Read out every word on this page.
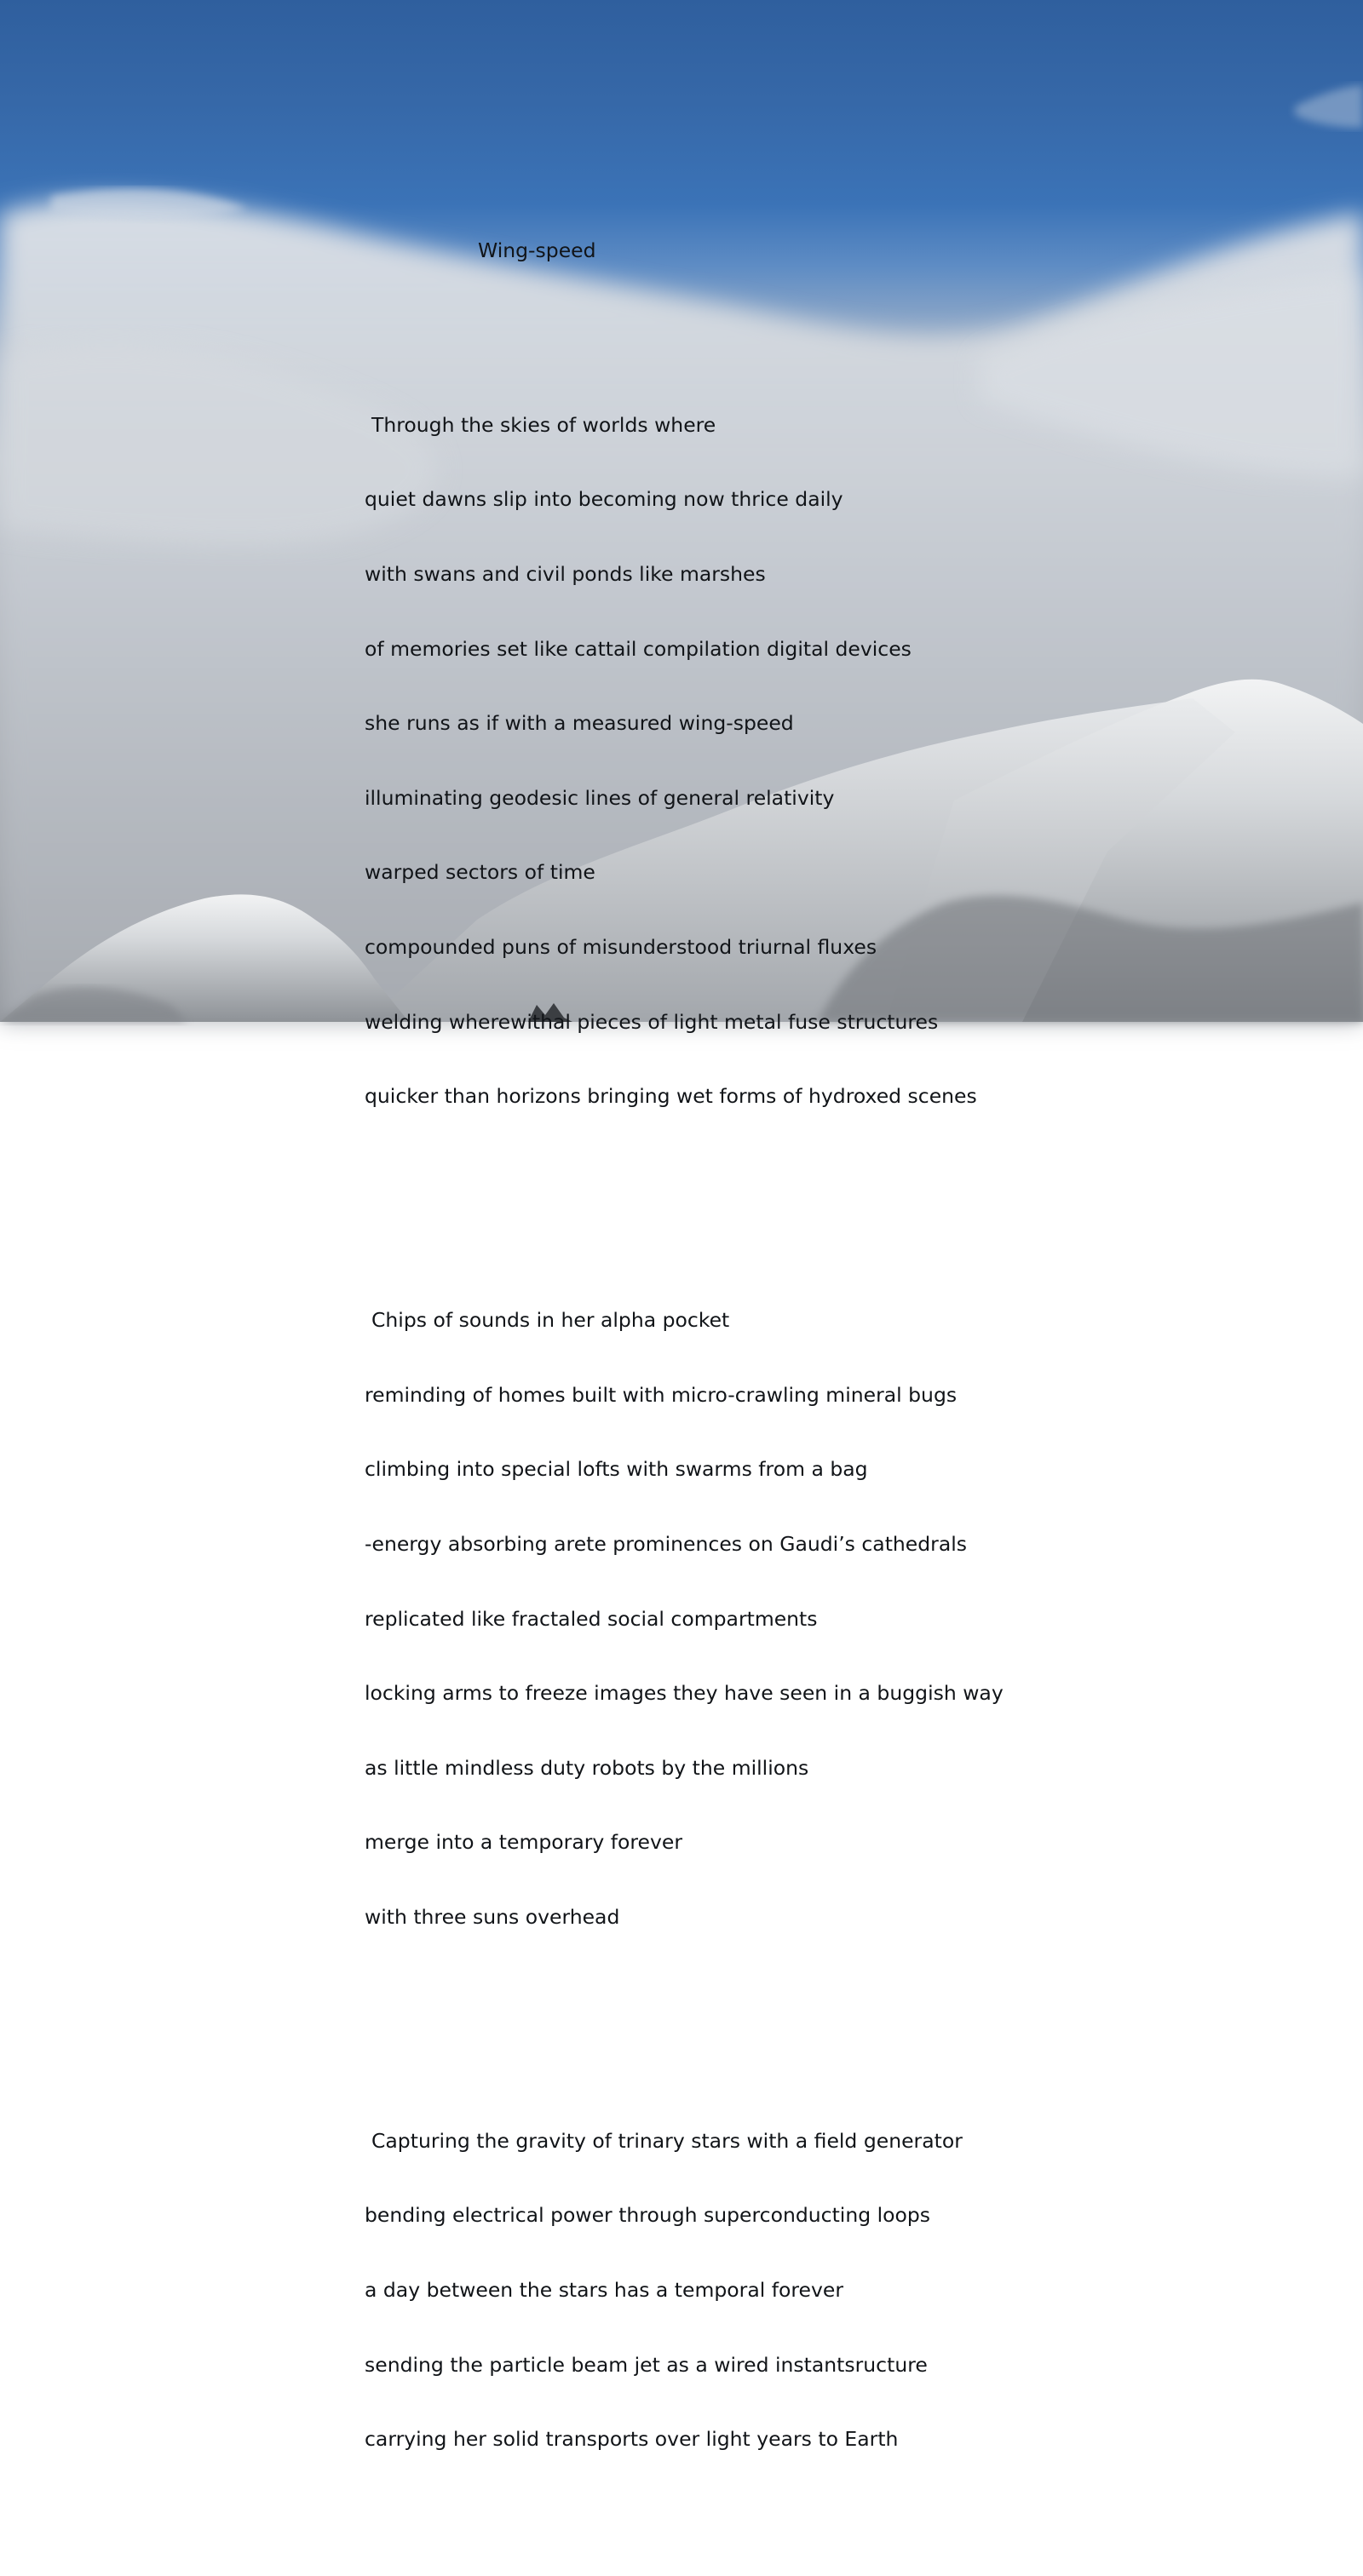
Wing-speed

Through the skies of worlds where

quiet dawns slip into becoming now thrice daily

with swans and civil ponds like marshes

of memories set like cattail compilation digital devices

she runs as if with a measured wing-speed

illuminating geodesic lines of general relativity

warped sectors of time

compounded puns of misunderstood triurnal fluxes

welding wherewithal pieces of light metal fuse structures

quicker than horizons bringing wet forms of hydroxed scenes

Chips of sounds in her alpha pocket

reminding of homes built with micro-crawling mineral bugs

climbing into special lofts with swarms from a bag

-energy absorbing arete prominences on Gaudi’s cathedrals

replicated like fractaled social compartments

locking arms to freeze images they have seen in a buggish way

as little mindless duty robots by the millions

merge into a temporary forever

with three suns overhead

Capturing the gravity of trinary stars with a field generator

bending electrical power through superconducting loops

a day between the stars has a temporal forever

sending the particle beam jet as a wired instantsructure

carrying her solid transports over light years to Earth
